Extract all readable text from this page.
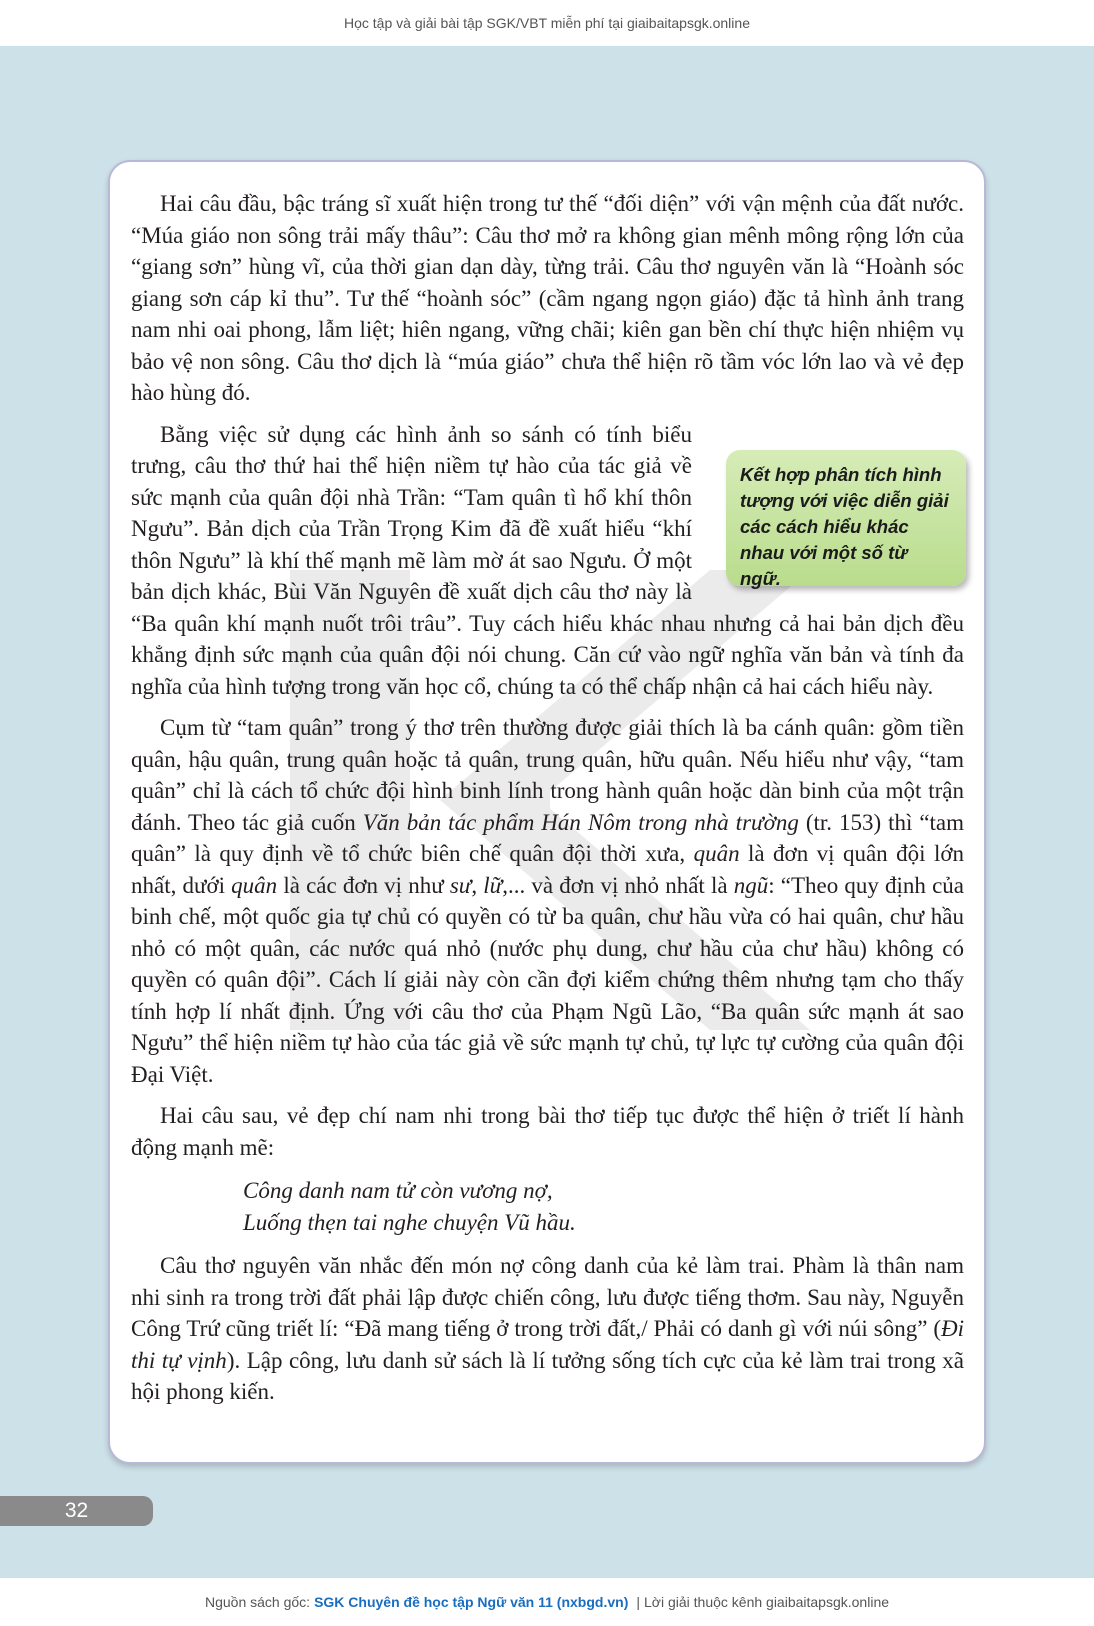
Học tập và giải bài tập SGK/VBT miễn phí tại giaibaitapsgk.online

Hai câu đầu, bậc tráng sĩ xuất hiện trong tư thế “đối diện” với vận mệnh của đất nước. “Múa giáo non sông trải mấy thâu”: Câu thơ mở ra không gian mênh mông rộng lớn của “giang sơn” hùng vĩ, của thời gian dạn dày, từng trải. Câu thơ nguyên văn là “Hoành sóc giang sơn cáp kỉ thu”. Tư thế “hoành sóc” (cầm ngang ngọn giáo) đặc tả hình ảnh trang nam nhi oai phong, lẫm liệt; hiên ngang, vững chãi; kiên gan bền chí thực hiện nhiệm vụ bảo vệ non sông. Câu thơ dịch là “múa giáo” chưa thể hiện rõ tầm vóc lớn lao và vẻ đẹp hào hùng đó.

Bằng việc sử dụng các hình ảnh so sánh có tính biểu trưng, câu thơ thứ hai thể hiện niềm tự hào của tác giả về sức mạnh của quân đội nhà Trần: “Tam quân tì hổ khí thôn Ngưu”. Bản dịch của Trần Trọng Kim đã đề xuất hiểu “khí thôn Ngưu” là khí thế mạnh mẽ làm mờ át sao Ngưu. Ở một bản dịch khác, Bùi Văn Nguyên đề xuất dịch câu thơ này là “Ba quân khí mạnh nuốt trôi trâu”. Tuy cách hiểu khác nhau nhưng cả hai bản dịch đều khẳng định sức mạnh của quân đội nói chung. Căn cứ vào ngữ nghĩa văn bản và tính đa nghĩa của hình tượng trong văn học cổ, chúng ta có thể chấp nhận cả hai cách hiểu này.

Cụm từ “tam quân” trong ý thơ trên thường được giải thích là ba cánh quân: gồm tiền quân, hậu quân, trung quân hoặc tả quân, trung quân, hữu quân. Nếu hiểu như vậy, “tam quân” chỉ là cách tổ chức đội hình binh lính trong hành quân hoặc dàn binh của một trận đánh. Theo tác giả cuốn Văn bản tác phẩm Hán Nôm trong nhà trường (tr. 153) thì “tam quân” là quy định về tổ chức biên chế quân đội thời xưa, quân là đơn vị quân đội lớn nhất, dưới quân là các đơn vị như sư, lữ,... và đơn vị nhỏ nhất là ngũ: “Theo quy định của binh chế, một quốc gia tự chủ có quyền có từ ba quân, chư hầu vừa có hai quân, chư hầu nhỏ có một quân, các nước quá nhỏ (nước phụ dung, chư hầu của chư hầu) không có quyền có quân đội”. Cách lí giải này còn cần đợi kiểm chứng thêm nhưng tạm cho thấy tính hợp lí nhất định. Ứng với câu thơ của Phạm Ngũ Lão, “Ba quân sức mạnh át sao Ngưu” thể hiện niềm tự hào của tác giả về sức mạnh tự chủ, tự lực tự cường của quân đội Đại Việt.

Hai câu sau, vẻ đẹp chí nam nhi trong bài thơ tiếp tục được thể hiện ở triết lí hành động mạnh mẽ:

Công danh nam tử còn vương nợ,
Luống thẹn tai nghe chuyện Vũ hầu.

Câu thơ nguyên văn nhắc đến món nợ công danh của kẻ làm trai. Phàm là thân nam nhi sinh ra trong trời đất phải lập được chiến công, lưu được tiếng thơm. Sau này, Nguyễn Công Trứ cũng triết lí: “Đã mang tiếng ở trong trời đất,/ Phải có danh gì với núi sông” (Đi thi tự vịnh). Lập công, lưu danh sử sách là lí tưởng sống tích cực của kẻ làm trai trong xã hội phong kiến.

Kết hợp phân tích hình tượng với việc diễn giải các cách hiểu khác nhau với một số từ ngữ.
32
Nguồn sách gốc: SGK Chuyên đề học tập Ngữ văn 11 (nxbgd.vn) | Lời giải thuộc kênh giaibaitapsgk.online
